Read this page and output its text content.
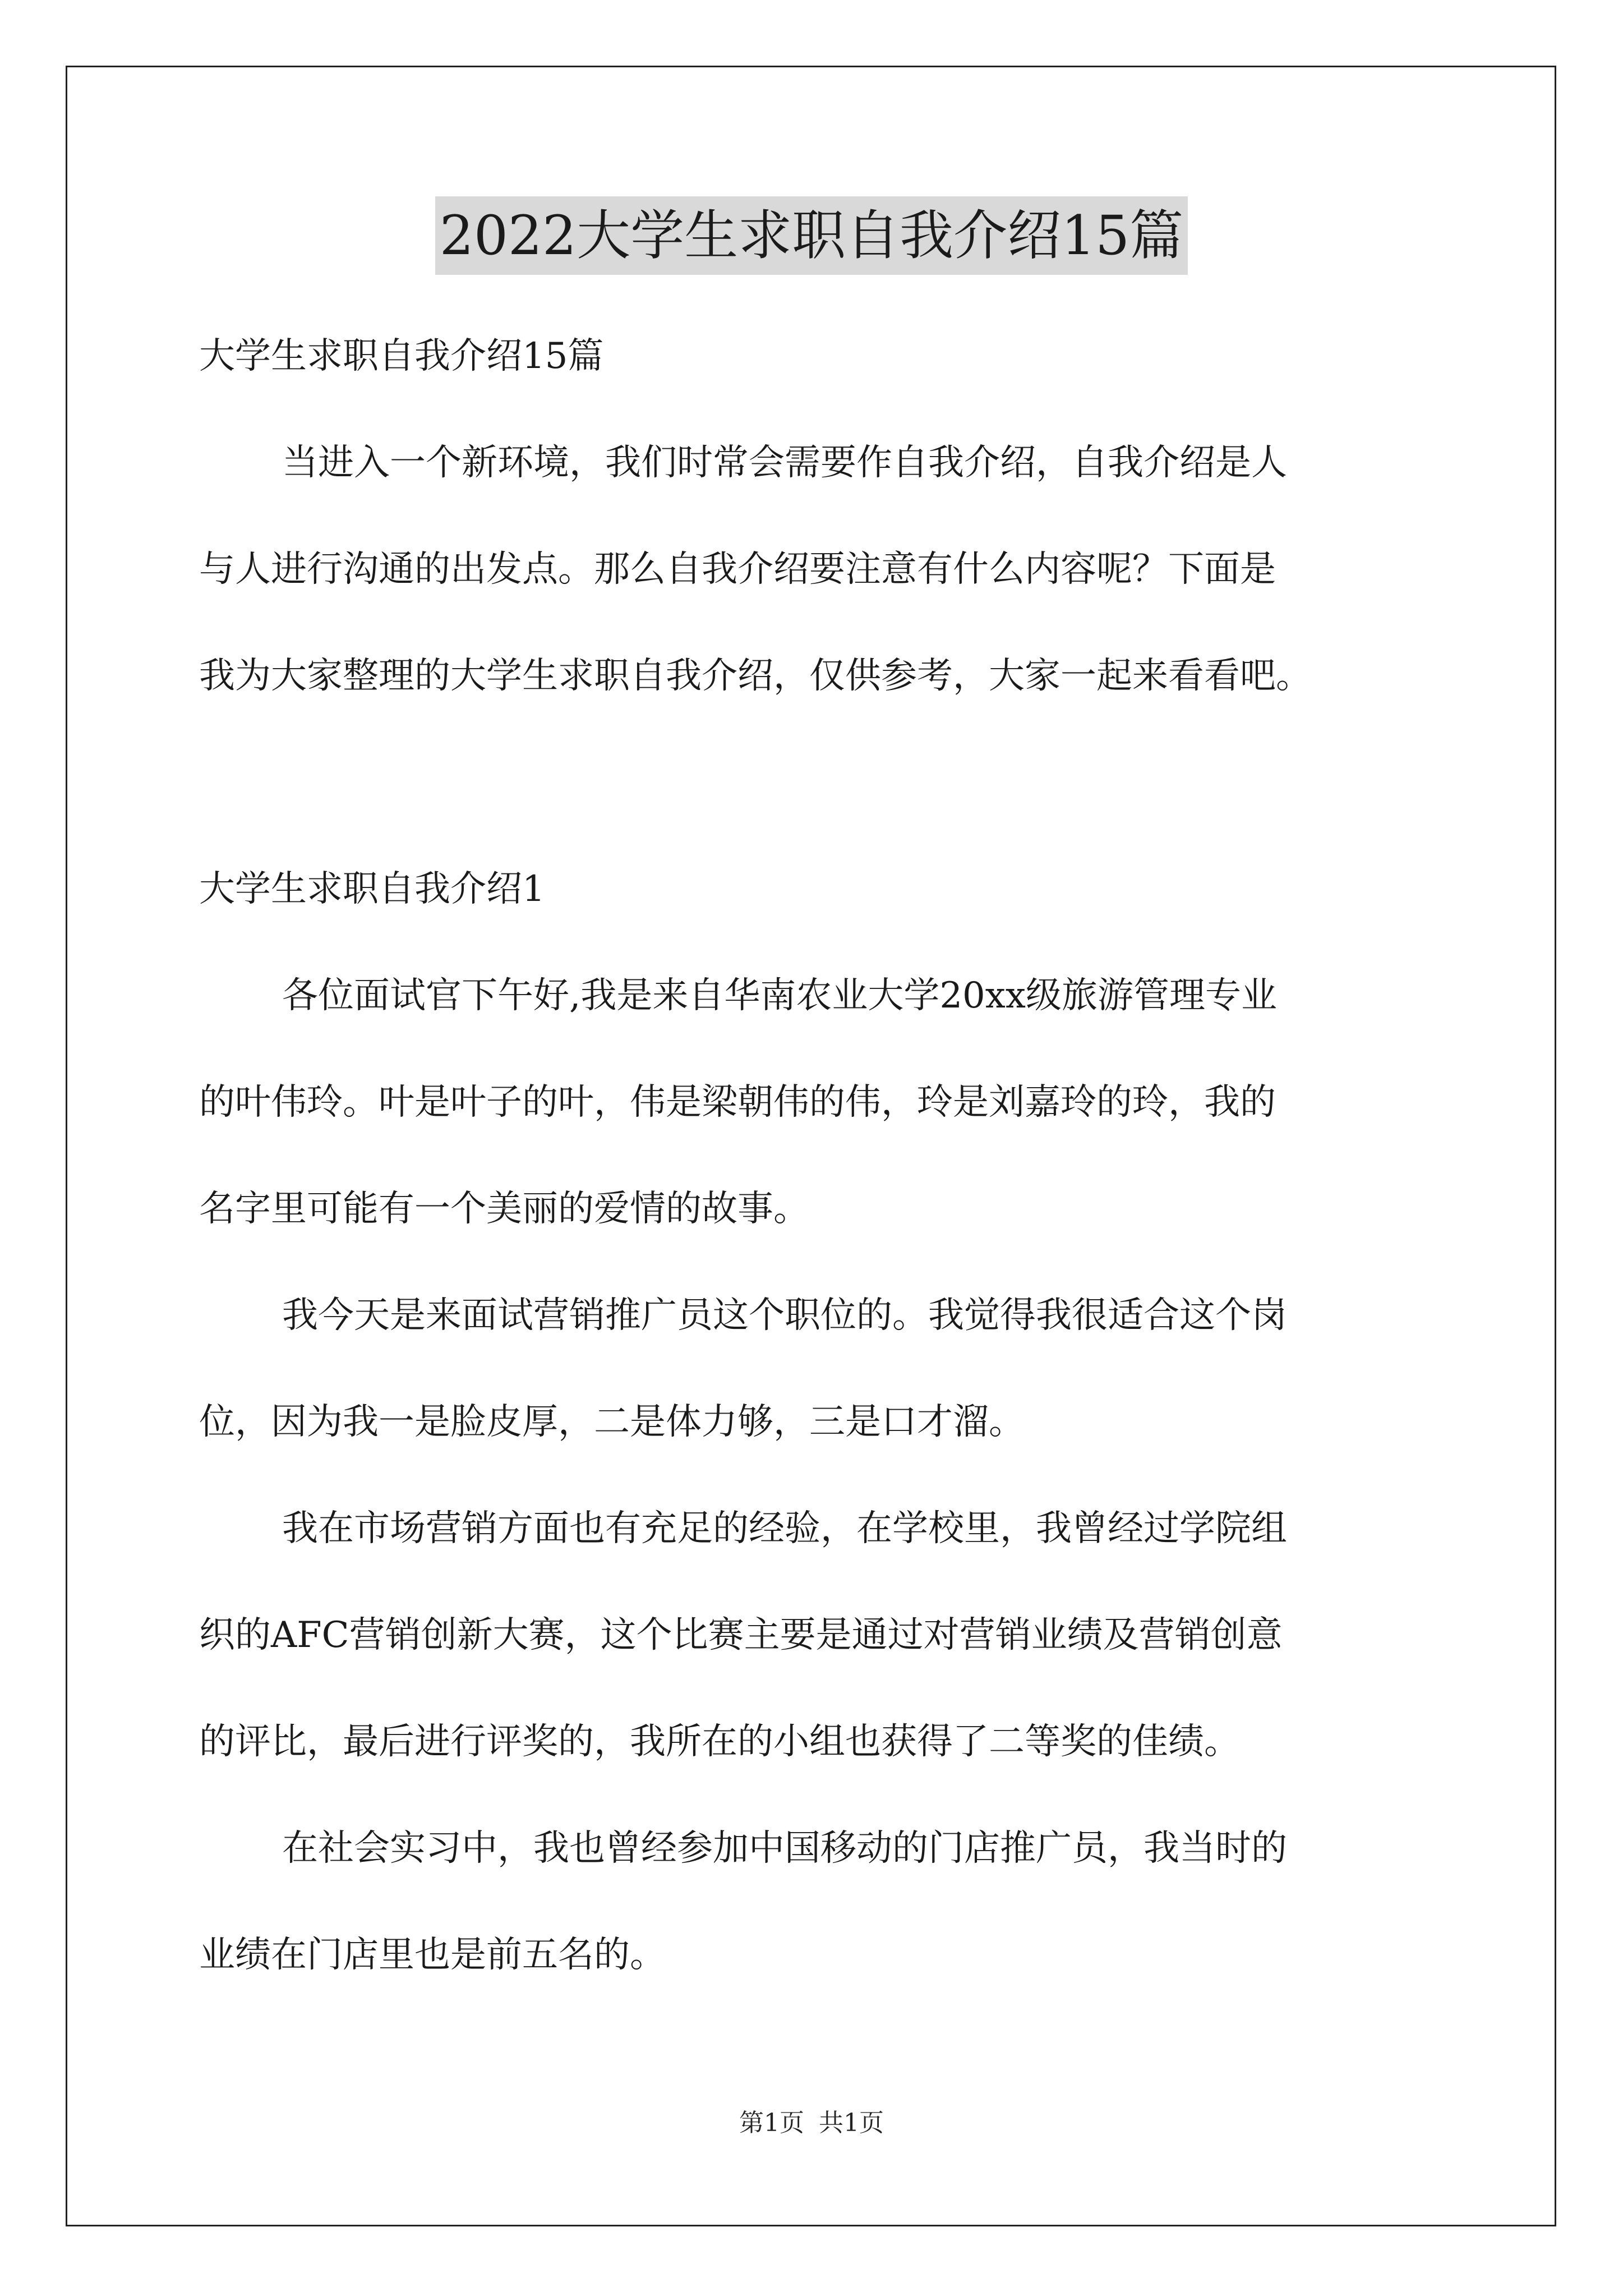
2022大学生求职自我介绍15篇
大学生求职自我介绍15篇
当进入一个新环境，我们时常会需要作自我介绍，自我介绍是人
与人进行沟通的出发点。那么自我介绍要注意有什么内容呢？下面是
我为大家整理的大学生求职自我介绍，仅供参考，大家一起来看看吧。
大学生求职自我介绍1
各位面试官下午好,我是来自华南农业大学20xx级旅游管理专业
的叶伟玲。叶是叶子的叶，伟是梁朝伟的伟，玲是刘嘉玲的玲，我的
名字里可能有一个美丽的爱情的故事。
我今天是来面试营销推广员这个职位的。我觉得我很适合这个岗
位，因为我一是脸皮厚，二是体力够，三是口才溜。
我在市场营销方面也有充足的经验，在学校里，我曾经过学院组
织的AFC营销创新大赛，这个比赛主要是通过对营销业绩及营销创意
的评比，最后进行评奖的，我所在的小组也获得了二等奖的佳绩。
在社会实习中，我也曾经参加中国移动的门店推广员，我当时的
业绩在门店里也是前五名的。
第1页 共1页
